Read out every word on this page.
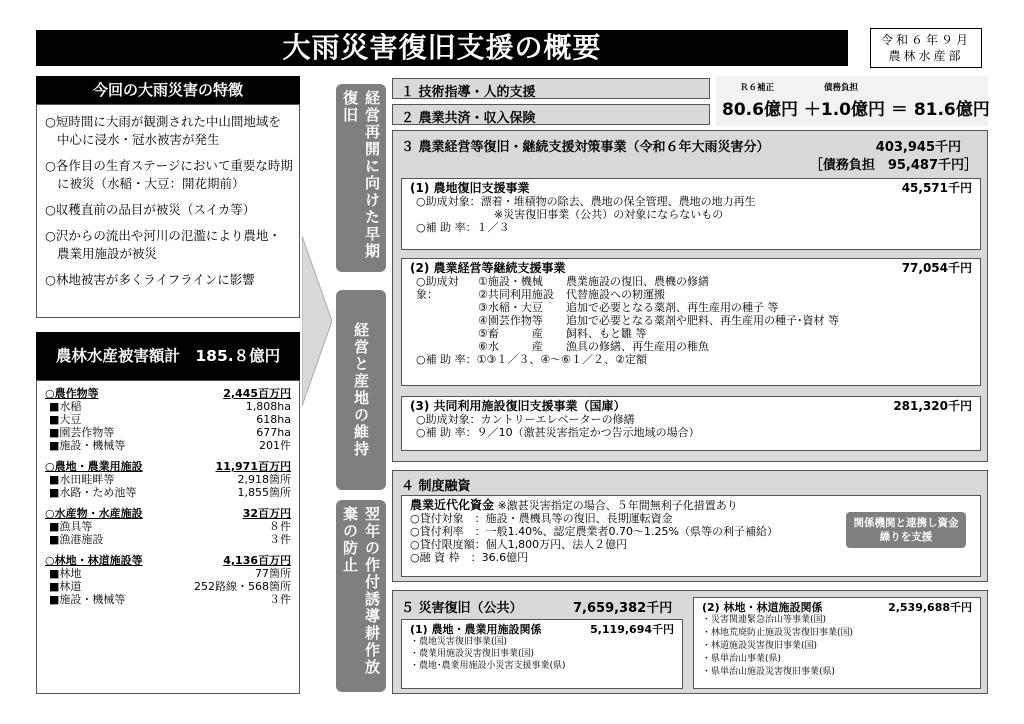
大雨災害復旧支援の概要	令和６年９月
農林水産部
今回の大雨災害の特徴

○短時間に大雨が観測された中山間地域を中心に浸水・冠水被害が発生

○各作目の生育ステージにおいて重要な時期に被災（水稲・大豆：開花期前）

○収穫直前の品目が被災（スイカ等）

○沢からの流出や河川の氾濫により農地・農業用施設が被災

○林地被害が多くライフラインに影響

農林水産被害額計　185.８億円
○農作物等	2,445百万円
■水稲	1,808ha
■大豆	618ha
■園芸作物等	677ha
■施設・機械等	201件
○農地・農業用施設	11,971百万円
■水田畦畔等	2,918箇所
■水路・ため池等	1,855箇所
○水産物・水産施設	32百万円
■漁具等	８件
■漁港施設	３件
○林地・林道施設等	4,136百万円
■林地	77箇所
■林道	252路線・568箇所
■施設・機械等	３件
経営再開に向けた早期復旧
経営と産地の維持
翌年の作付誘導耕作放棄の防止
１ 技術指導・人的支援
２ 農業共済・収入保険
Ｒ６補正	債務負担
80.6億円 ＋1.0億円 ＝ 81.6億円
３ 農業経営等復旧・継続支援対策事業（令和６年大雨災害分）	403,945千円
［債務負担　95,487千円］
(1) 農地復旧支援事業	45,571千円
○助成対象：漂着・堆積物の除去、農地の保全管理、農地の地力再生
※災害復旧事業（公共）の対象にならないもの
○補 助 率：１／３
(2) 農業経営等継続支援事業	77,054千円
○助成対象：
①施設・機械	農業施設の復旧、農機の修繕
②共同利用施設	代替施設への籾運搬
③水稲・大豆	追加で必要となる薬剤、再生産用の種子 等
④園芸作物等	追加で必要となる薬剤や肥料、再生産用の種子･資材 等
⑤畜　　　産	飼料、もと雛 等
⑥水　　　産	漁具の修繕、再生産用の稚魚
○補 助 率：①③１／３、④～⑥１／２、②定額
(3) 共同利用施設復旧支援事業（国庫）	281,320千円
○助成対象：カントリーエレベーターの修繕
○補 助 率：９／10（激甚災害指定かつ告示地域の場合）
４ 制度融資
農業近代化資金 ※激甚災害指定の場合、５年間無利子化措置あり
○貸付対象　：施設・農機具等の復旧、長期運転資金
○貸付利率　：一般1.40%、認定農業者0.70～1.25%（県等の利子補給）
○貸付限度額：個人1,800万円、法人２億円
○融 資 枠　：36.6億円
関係機関と連携し資金繰りを支援
５ 災害復旧（公共）	7,659,382千円
(1) 農地・農業用施設関係	5,119,694千円
・農地災害復旧事業(国)
・農業用施設災害復旧事業(国)
・農地･農業用施設小災害支援事業(県)
(2) 林地・林道施設関係	2,539,688千円
・災害関連緊急治山等事業(国)
・林地荒廃防止施設災害復旧事業(国)
・林道施設災害復旧事業(国)
・県単治山事業(県)
・県単治山施設災害復旧事業(県)
